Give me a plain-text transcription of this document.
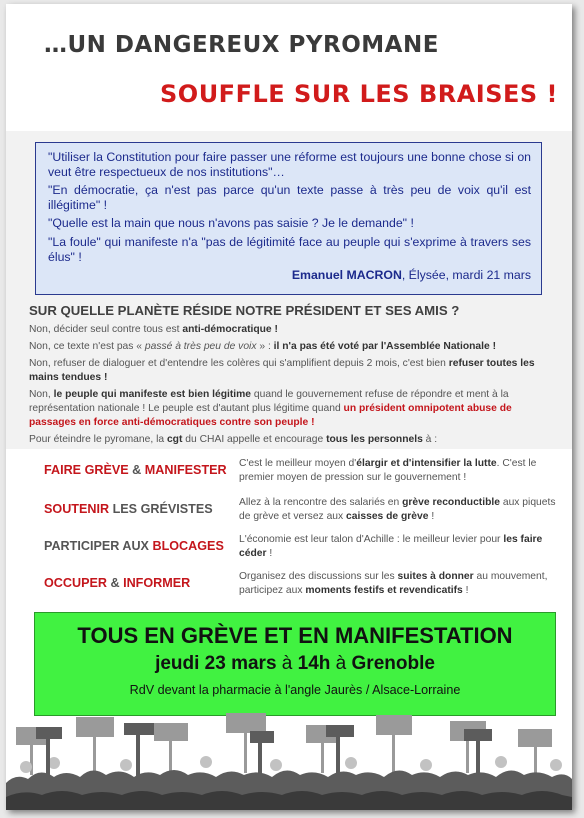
…UN DANGEREUX PYROMANE
SOUFFLE SUR LES BRAISES !

"Utiliser la Constitution pour faire passer une réforme est toujours une bonne chose si on veut être respectueux de nos institutions"…

"En démocratie, ça n'est pas parce qu'un texte passe à très peu de voix qu'il est illégitime" !

"Quelle est la main que nous n'avons pas saisie ? Je le demande" !

"La foule" qui manifeste n'a "pas de légitimité face au peuple qui s'exprime à travers ses élus" !

Emanuel MACRON, Élysée, mardi 21 mars
SUR QUELLE PLANÈTE RÉSIDE NOTRE PRÉSIDENT ET SES AMIS ?

Non, décider seul contre tous est anti-démocratique !

Non, ce texte n'est pas « passé à très peu de voix » : il n'a pas été voté par l'Assemblée Nationale !

Non, refuser de dialoguer et d'entendre les colères qui s'amplifient depuis 2 mois, c'est bien refuser toutes les mains tendues !

Non, le peuple qui manifeste est bien légitime quand le gouvernement refuse de répondre et ment à la représentation nationale ! Le peuple est d'autant plus légitime quand un président omnipotent abuse de passages en force anti-démocratiques contre son peuple !

Pour éteindre le pyromane, la cgt du CHAI appelle et encourage tous les personnels à :

FAIRE GRÈVE & MANIFESTER C'est le meilleur moyen d'élargir et d'intensifier la lutte. C'est le premier moyen de pression sur le gouvernement !
SOUTENIR LES GRÉVISTES	Allez à la rencontre des salariés en grève reconductible aux piquets de grève et versez aux caisses de grève !
PARTICIPER AUX BLOCAGES L'économie est leur talon d'Achille : le meilleur levier pour les faire céder !
OCCUPER & INFORMER	Organisez des discussions sur les suites à donner au mouvement, participez aux moments festifs et revendicatifs !
TOUS EN GRÈVE ET EN MANIFESTATION
jeudi 23 mars à 14h à Grenoble
RdV devant la pharmacie à l'angle Jaurès / Alsace-Lorraine
